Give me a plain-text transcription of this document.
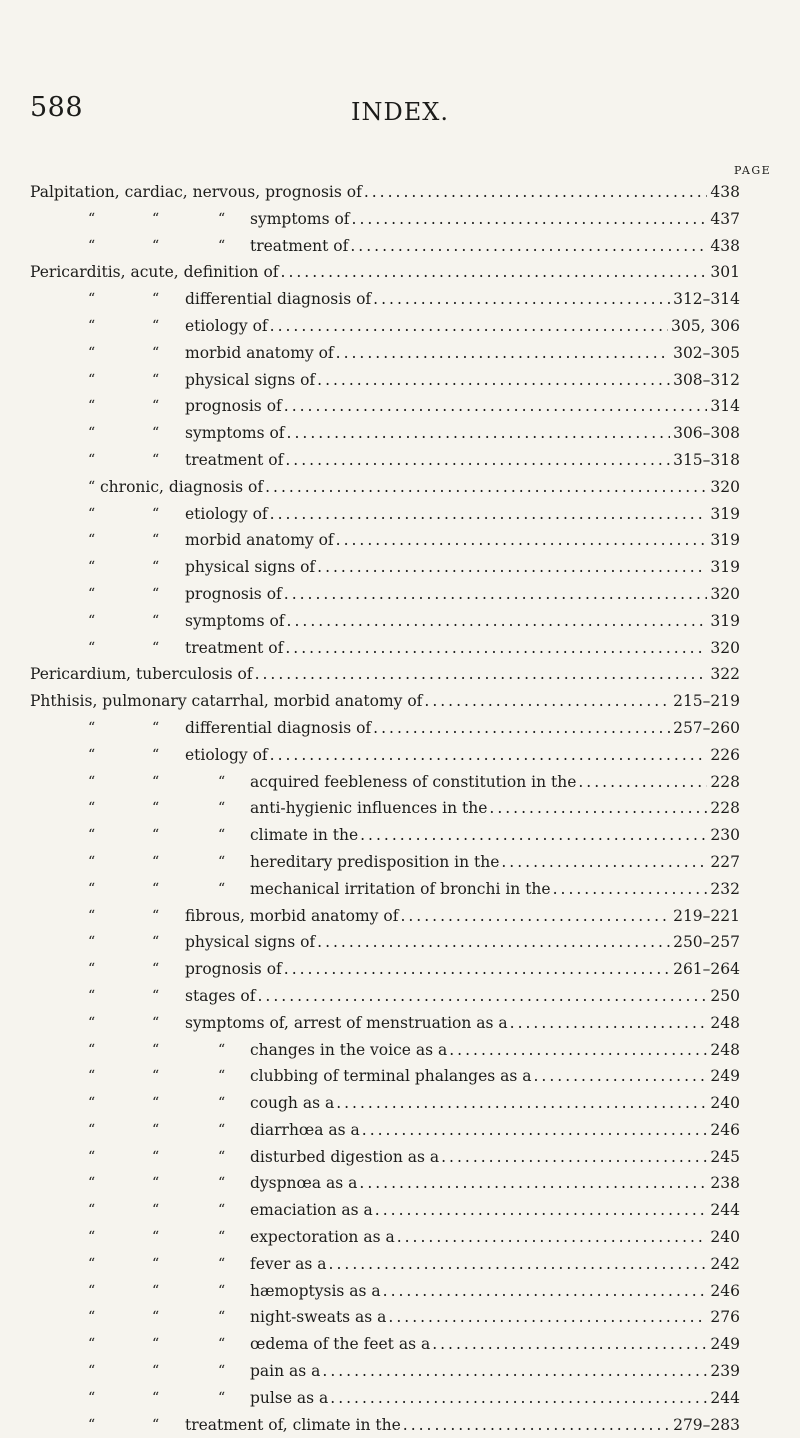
588	INDEX.
PAGE
Palpitation, cardiac, nervous, prognosis of .....	438
“	“	“ symptoms of .....	437
“	“	“ treatment of .....	438
Pericarditis, acute, definition of .....	301
“	“ differential diagnosis of .....	312–314
“	“ etiology of .....	305, 306
“	“ morbid anatomy of .....	302–305
“	“ physical signs of .....	308–312
“	“ prognosis of .....	314
“	“ symptoms of .....	306–308
“	“ treatment of .....	315–318
“ chronic, diagnosis of .....	320
“	“ etiology of .....	319
“	“ morbid anatomy of .....	319
“	“ physical signs of .....	319
“	“ prognosis of .....	320
“	“ symptoms of .....	319
“	“ treatment of .....	320
Pericardium, tuberculosis of .....	322
Phthisis, pulmonary catarrhal, morbid anatomy of .....	215–219
“	“ differential diagnosis of .....	257–260
“	“ etiology of .....	226
“	“	“ acquired feebleness of constitution in the .....	228
“	“	“ anti-hygienic influences in the .....	228
“	“	“ climate in the .....	230
“	“	“ hereditary predisposition in the .....	227
“	“	“ mechanical irritation of bronchi in the .....	232
“	“ fibrous, morbid anatomy of .....	219–221
“	“ physical signs of .....	250–257
“	“ prognosis of .....	261–264
“	“ stages of .....	250
“	“ symptoms of, arrest of menstruation as a .....	248
“	“	“ changes in the voice as a .....	248
“	“	“ clubbing of terminal phalanges as a .....	249
“	“	“ cough as a .....	240
“	“	“ diarrhœa as a .....	246
“	“	“ disturbed digestion as a .....	245
“	“	“ dyspnœa as a .....	238
“	“	“ emaciation as a .....	244
“	“	“ expectoration as a .....	240
“	“	“ fever as a .....	242
“	“	“ hæmoptysis as a .....	246
“	“	“ night-sweats as a .....	276
“	“	“ œdema of the feet as a .....	249
“	“	“ pain as a .....	239
“	“	“ pulse as a .....	244
“	“ treatment of, climate in the .....	279–283
